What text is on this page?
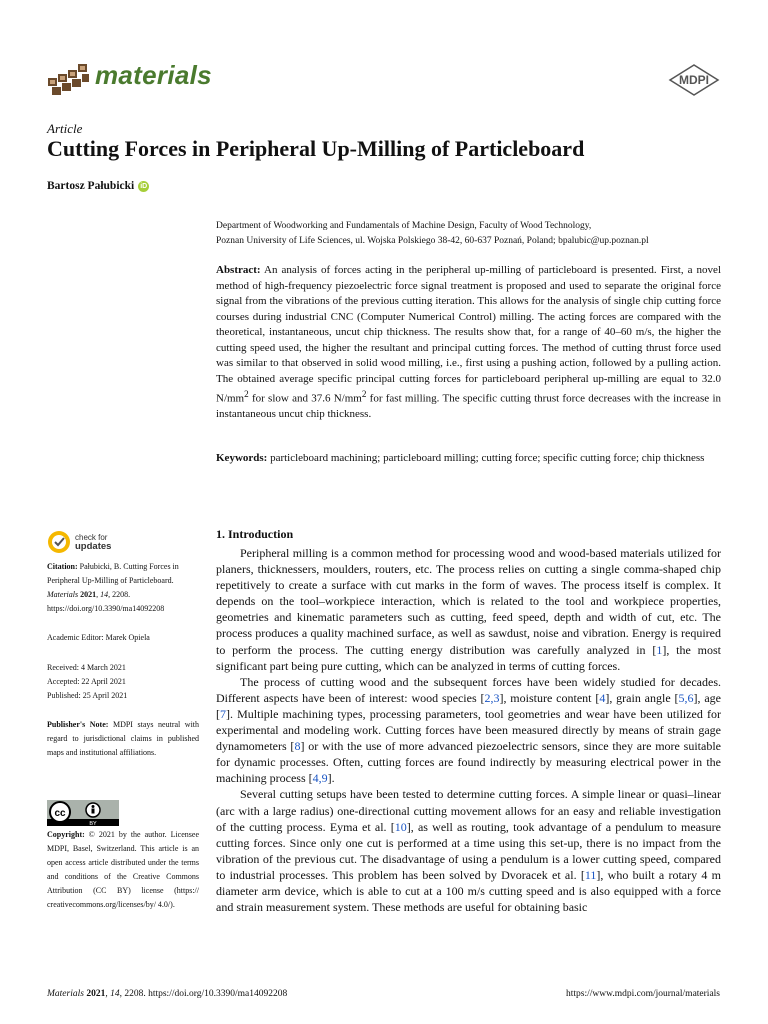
materials	MDPI
Article
Cutting Forces in Peripheral Up-Milling of Particleboard
Bartosz Pałubicki iD
Department of Woodworking and Fundamentals of Machine Design, Faculty of Wood Technology,
Poznan University of Life Sciences, ul. Wojska Polskiego 38-42, 60-637 Poznań, Poland; bpalubic@up.poznan.pl
Abstract: An analysis of forces acting in the peripheral up-milling of particleboard is presented. First, a novel method of high-frequency piezoelectric force signal treatment is proposed and used to separate the original force signal from the vibrations of the previous cutting iteration. This allows for the analysis of single chip cutting force courses during industrial CNC (Computer Numerical Control) milling. The acting forces are compared with the theoretical, instantaneous, uncut chip thickness. The results show that, for a range of 40–60 m/s, the higher the cutting speed used, the higher the resultant and principal cutting forces. The method of cutting thrust force used was similar to that observed in solid wood milling, i.e., first using a pushing action, followed by a pulling action. The obtained average specific principal cutting forces for particleboard peripheral up-milling are equal to 32.0 $N/mm^2$ for slow and 37.6 $N/mm^2$ for fast milling. The specific cutting thrust force decreases with the increase in instantaneous uncut chip thickness.
Keywords: particleboard machining; particleboard milling; cutting force; specific cutting force; chip thickness
check for
updates
Citation: Pałubicki, B. Cutting Forces in Peripheral Up-Milling of Particleboard. Materials 2021, 14, 2208. https://doi.org/10.3390/ma14092208
Academic Editor: Marek Opiela
Received: 4 March 2021
Accepted: 22 April 2021
Published: 25 April 2021
Publisher's Note: MDPI stays neutral with regard to jurisdictional claims in published maps and institutional affiliations.
cc
BY
Copyright: © 2021 by the author. Licensee MDPI, Basel, Switzerland. This article is an open access article distributed under the terms and conditions of the Creative Commons Attribution (CC BY) license (https:// creativecommons.org/licenses/by/ 4.0/).
1. Introduction

Peripheral milling is a common method for processing wood and wood-based materials utilized for planers, thicknessers, moulders, routers, etc. The process relies on cutting a single comma-shaped chip repetitively to create a surface with cut marks in the form of waves. The process itself is complex. It depends on the tool–workpiece interaction, which is related to the tool and workpiece properties, geometries and kinematic parameters such as cutting, feed speed, depth and width of cut, etc. The process produces a quality machined surface, as well as sawdust, noise and vibration. Energy is required to perform the process. The cutting energy distribution was carefully analyzed in [1], the most significant part being pure cutting, which can be analyzed in terms of cutting forces.

The process of cutting wood and the subsequent forces have been widely studied for decades. Different aspects have been of interest: wood species [2,3], moisture content [4], grain angle [5,6], age [7]. Multiple machining types, processing parameters, tool geometries and wear have been utilized for experimental and modeling work. Cutting forces have been measured directly by means of strain gage dynamometers [8] or with the use of more advanced piezoelectric sensors, since they are more suitable for dynamic processes. Often, cutting forces are found indirectly by measuring electrical power in the machining process [4,9].

Several cutting setups have been tested to determine cutting forces. A simple linear or quasi–linear (arc with a large radius) one-directional cutting movement allows for an easy and reliable investigation of the cutting process. Eyma et al. [10], as well as routing, took advantage of a pendulum to measure cutting forces. Since only one cut is performed at a time using this set-up, there is no impact from the vibration of the previous cut. The disadvantage of using a pendulum is a lower cutting speed, compared to industrial processes. This problem has been solved by Dvoracek et al. [11], who built a rotary 4 m diameter arm device, which is able to cut at a 100 m/s cutting speed and is also equipped with a force and strain measurement system. These methods are useful for obtaining basic

Materials 2021, 14, 2208. https://doi.org/10.3390/ma14092208	https://www.mdpi.com/journal/materials
